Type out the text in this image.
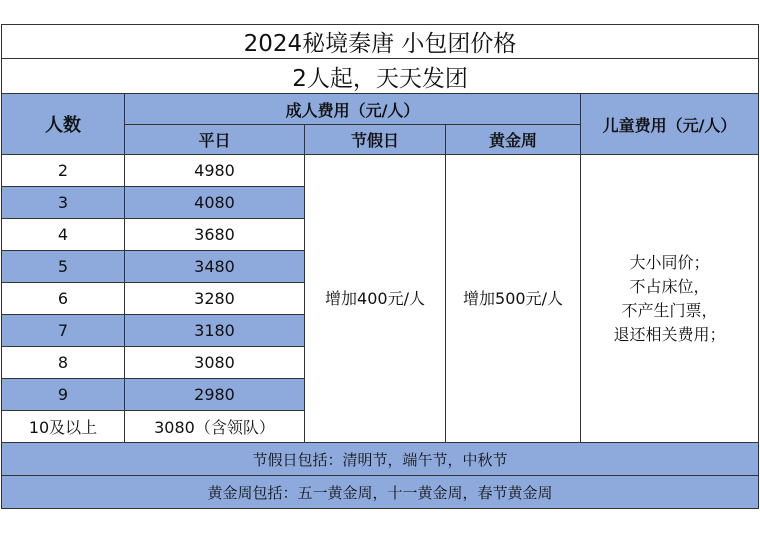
2024秘境秦唐 小包团价格				
2人起，天天发团				
人数	成人费用（元/人）			儿童费用（元/人）
	平日	节假日	黄金周	
2	4980	增加400元/人	增加500元/人	大小同价；
不占床位，
不产生门票，
退还相关费用；

3	4080			
4	3680			
5	3480			
6	3280			
7	3180			
8	3080			
9	2980			
10及以上	3080（含领队）			
节假日包括：清明节，端午节，中秋节				
黄金周包括：五一黄金周，十一黄金周，春节黄金周				
